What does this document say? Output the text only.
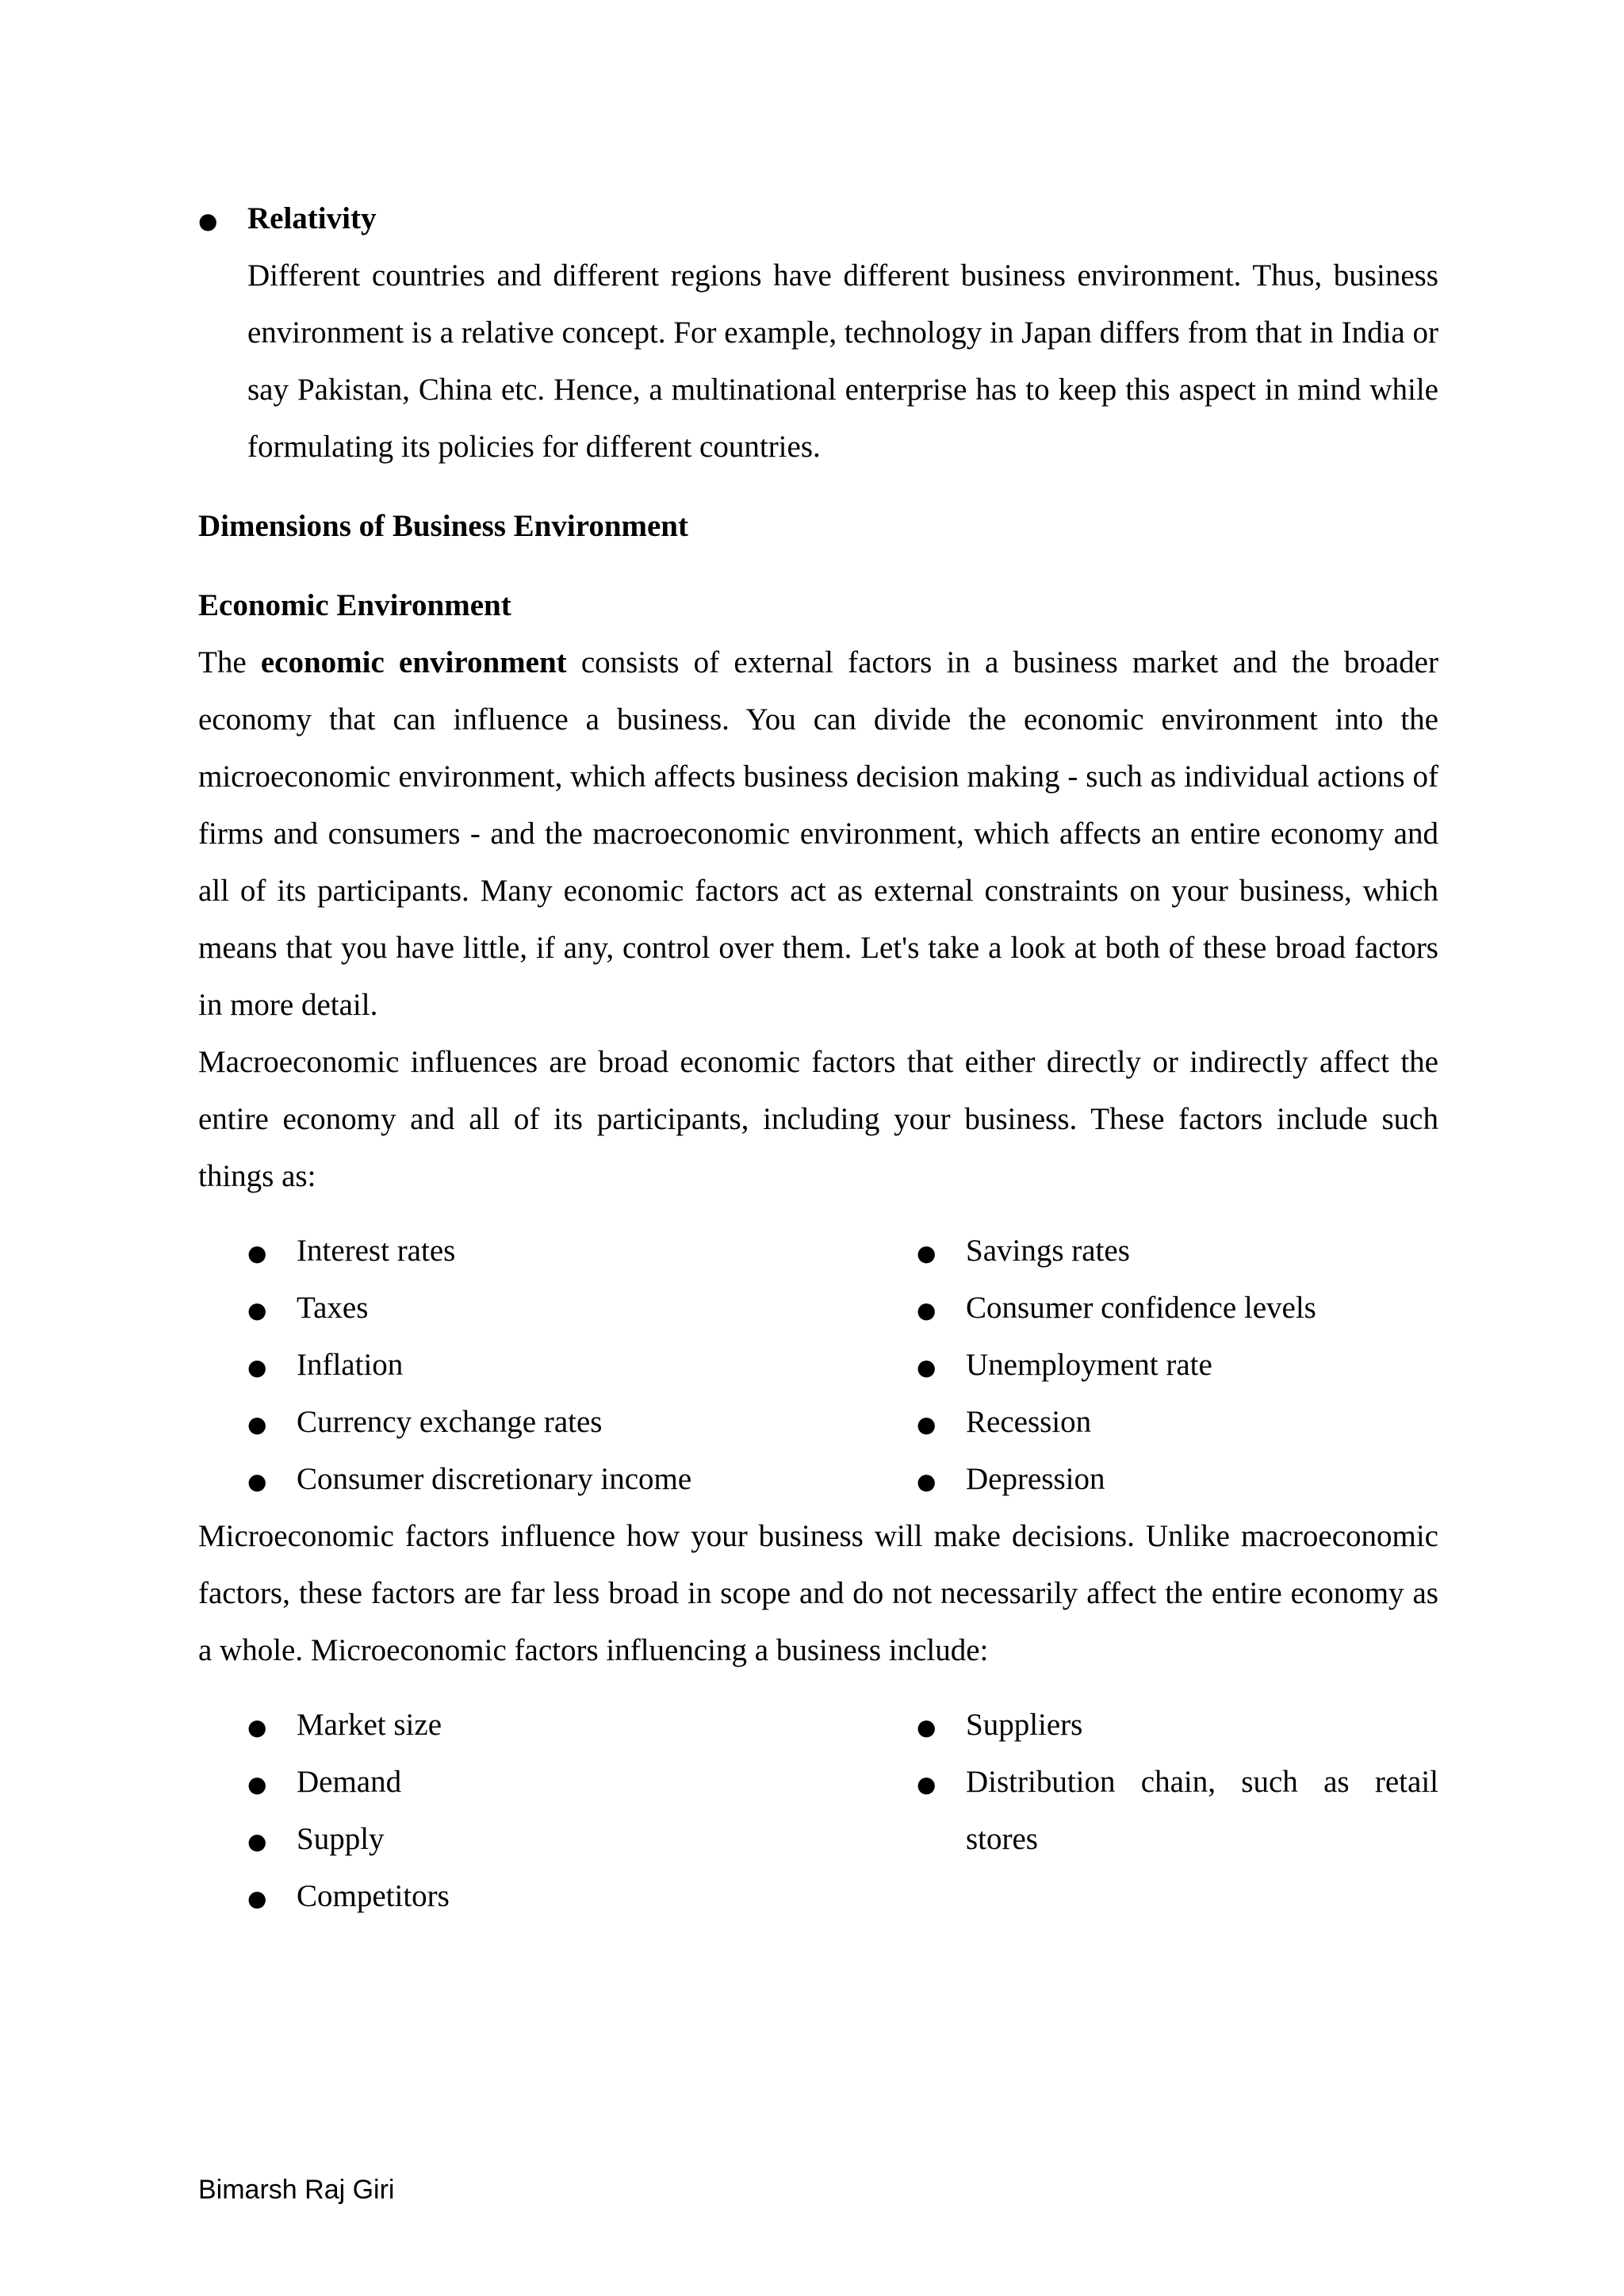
● Relativity

Different countries and different regions have different business environment. Thus, business environment is a relative concept. For example, technology in Japan differs from that in India or say Pakistan, China etc. Hence, a multinational enterprise has to keep this aspect in mind while formulating its policies for different countries.

Dimensions of Business Environment

Economic Environment

The economic environment consists of external factors in a business market and the broader economy that can influence a business. You can divide the economic environment into the microeconomic environment, which affects business decision making - such as individual actions of firms and consumers - and the macroeconomic environment, which affects an entire economy and all of its participants. Many economic factors act as external constraints on your business, which means that you have little, if any, control over them. Let's take a look at both of these broad factors in more detail.

Macroeconomic influences are broad economic factors that either directly or indirectly affect the entire economy and all of its participants, including your business. These factors include such things as:

● Interest rates
● Taxes
● Inflation
● Currency exchange rates
● Consumer discretionary income
● Savings rates
● Consumer confidence levels
● Unemployment rate
● Recession
● Depression

Microeconomic factors influence how your business will make decisions. Unlike macroeconomic factors, these factors are far less broad in scope and do not necessarily affect the entire economy as a whole. Microeconomic factors influencing a business include:

● Market size
● Demand
● Supply
● Competitors
● Suppliers
● Distribution chain, such as retail stores
Bimarsh Raj Giri
